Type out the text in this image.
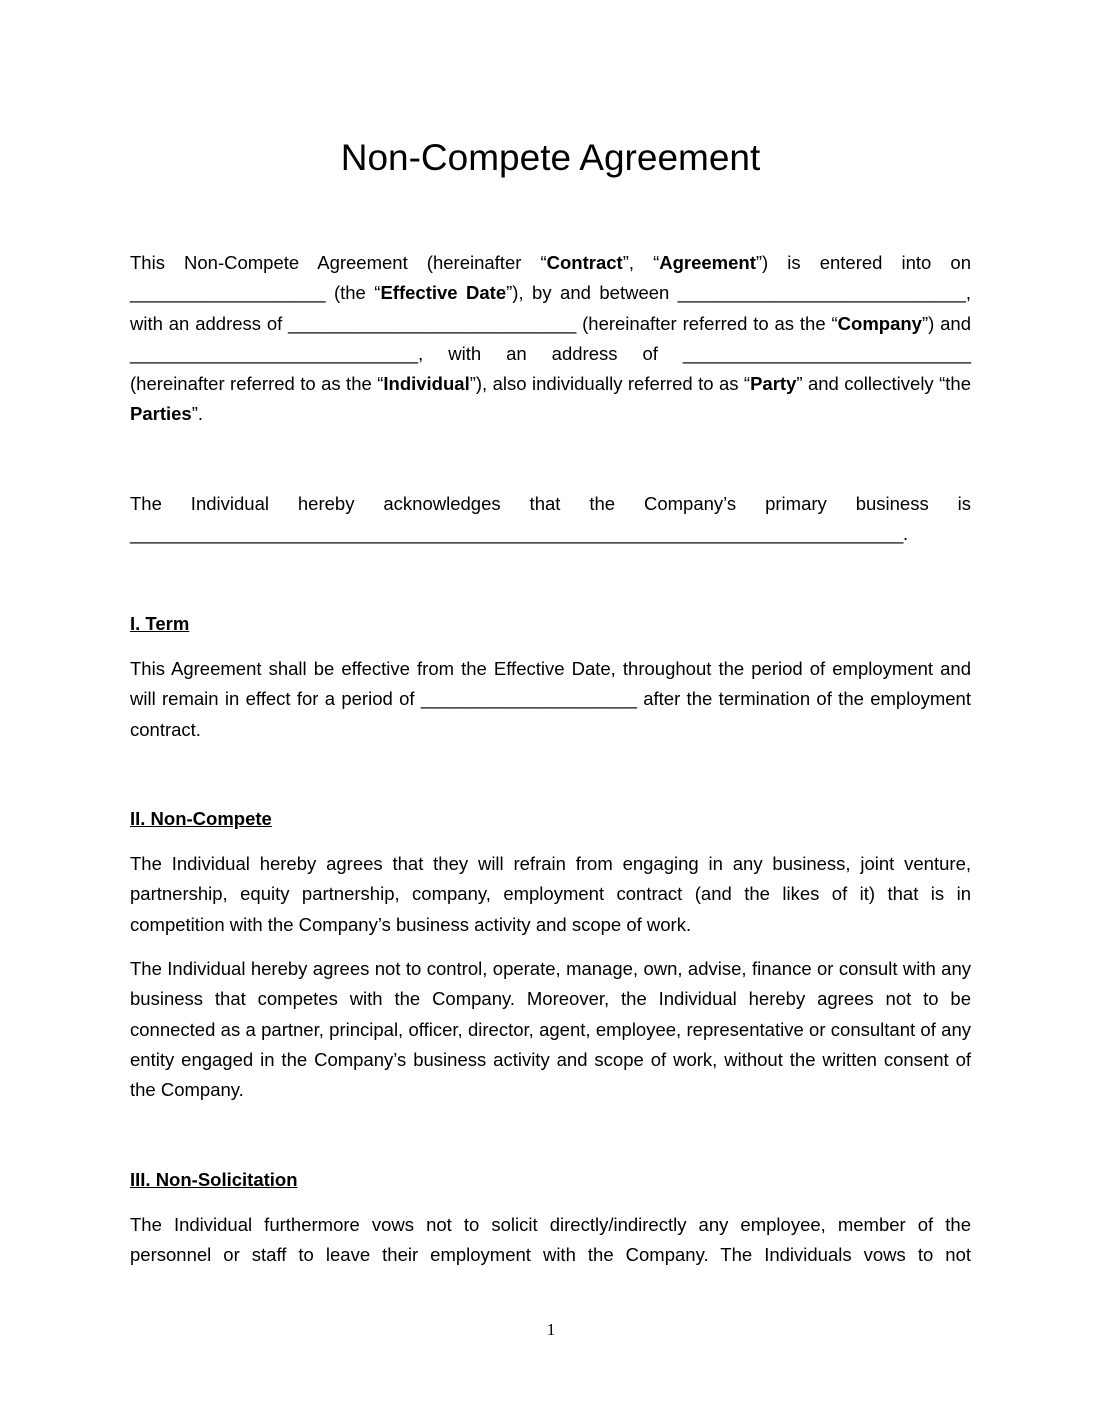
Non-Compete Agreement

This Non-Compete Agreement (hereinafter “Contract”, “Agreement”) is entered into on ___________________ (the “Effective Date”), by and between ____________________________, with an address of ____________________________ (hereinafter referred to as the “Company”) and ____________________________, with an address of ____________________________ (hereinafter referred to as the “Individual”), also individually referred to as “Party” and collectively “the Parties”.

The Individual hereby acknowledges that the Company’s primary business is

_____________________________________________________________________________.

I. Term

This Agreement shall be effective from the Effective Date, throughout the period of employment and will remain in effect for a period of _____________________ after the termination of the employment contract.

II. Non-Compete

The Individual hereby agrees that they will refrain from engaging in any business, joint venture, partnership, equity partnership, company, employment contract (and the likes of it) that is in competition with the Company’s business activity and scope of work.

The Individual hereby agrees not to control, operate, manage, own, advise, finance or consult with any business that competes with the Company. Moreover, the Individual hereby agrees not to be connected as a partner, principal, officer, director, agent, employee, representative or consultant of any entity engaged in the Company’s business activity and scope of work, without the written consent of the Company.

III. Non-Solicitation

The Individual furthermore vows not to solicit directly/indirectly any employee, member of the personnel or staff to leave their employment with the Company. The Individuals vows to not

1
